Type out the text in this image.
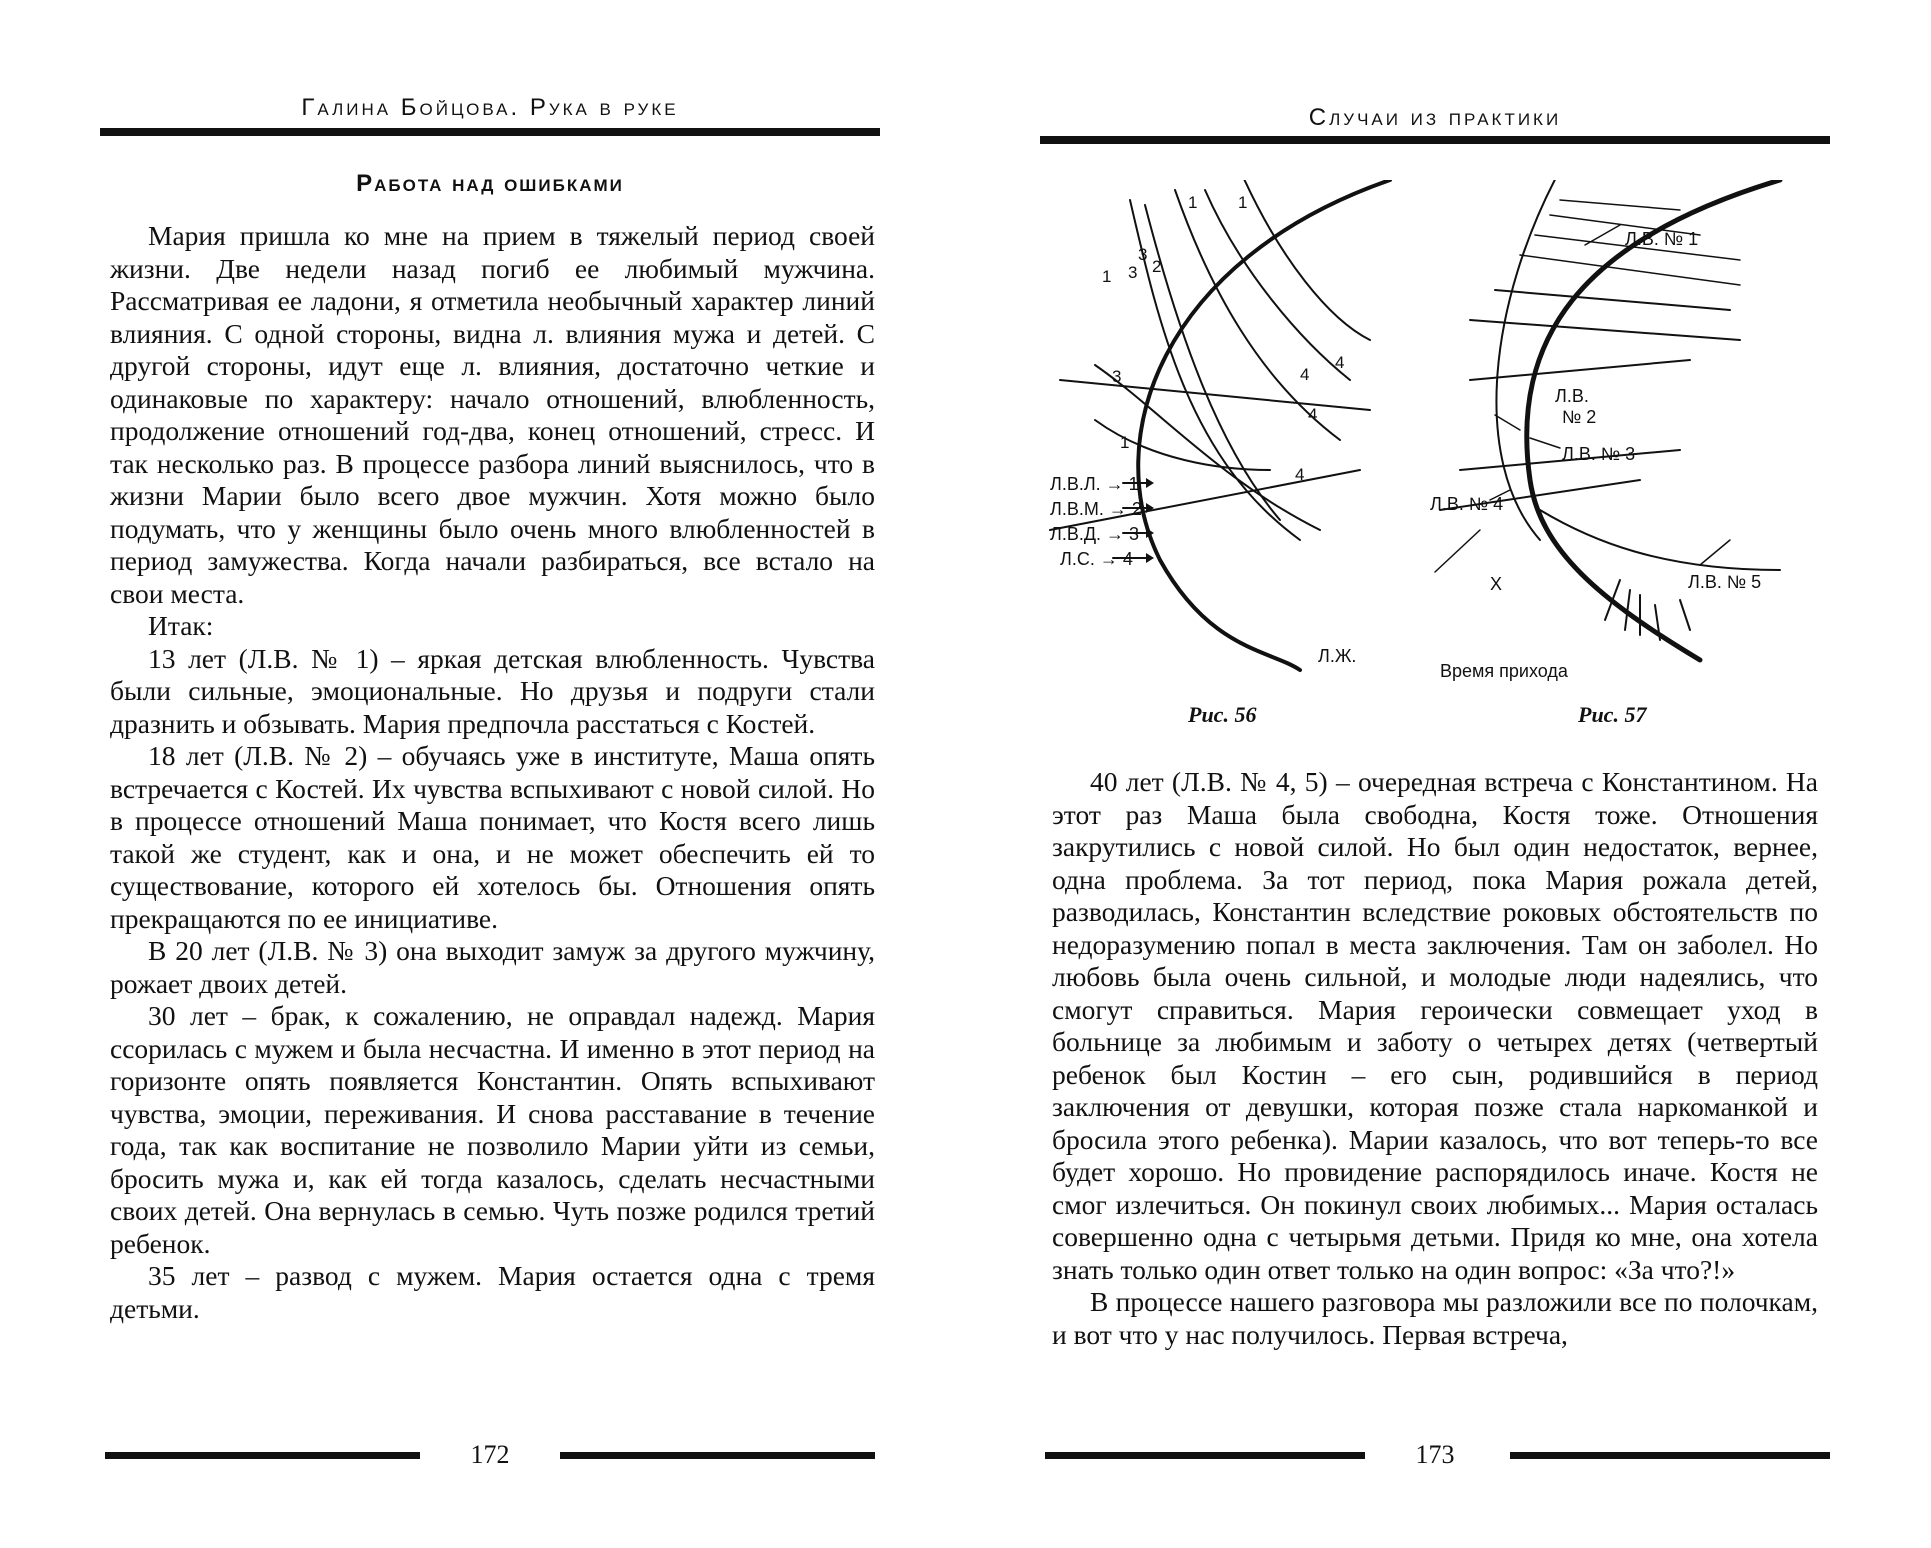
Галина Бойцова. Рука в руке
Работа над ошибками

Мария пришла ко мне на прием в тяжелый период своей жизни. Две недели назад погиб ее любимый мужчина. Рассматривая ее ладони, я отметила необычный характер линий влияния. С одной стороны, видна л. влияния мужа и детей. С другой стороны, идут еще л. влияния, достаточно четкие и одинаковые по характеру: начало отношений, влюбленность, продолжение отношений год-два, конец отношений, стресс. И так несколько раз. В процессе разбора линий выяснилось, что в жизни Марии было всего двое мужчин. Хотя можно было подумать, что у женщины было очень много влюбленностей в период замужества. Когда начали разбираться, все встало на свои места.

Итак:

13 лет (Л.В. № 1) – яркая детская влюбленность. Чувства были сильные, эмоциональные. Но друзья и подруги стали дразнить и обзывать. Мария предпочла расстаться с Костей.

18 лет (Л.В. № 2) – обучаясь уже в институте, Маша опять встречается с Костей. Их чувства вспыхивают с новой силой. Но в процессе отношений Маша понимает, что Костя всего лишь такой же студент, как и она, и не может обеспечить ей то существование, которого ей хотелось бы. Отношения опять прекращаются по ее инициативе.

В 20 лет (Л.В. № 3) она выходит замуж за другого мужчину, рожает двоих детей.

30 лет – брак, к сожалению, не оправдал надежд. Мария ссорилась с мужем и была несчастна. И именно в этот период на горизонте опять появляется Константин. Опять вспыхивают чувства, эмоции, переживания. И снова расставание в течение года, так как воспитание не позволило Марии уйти из семьи, бросить мужа и, как ей тогда казалось, сделать несчастными своих детей. Она вернулась в семью. Чуть позже родился третий ребенок.

35 лет – развод с мужем. Мария остается одна с тремя детьми.

172
Случаи из практики
1 1
1
2
3
3
3
1
4
4
4
4
Л.В.Л. → 1
Л.В.М. → 2
Л.В.Д. → 3
Л.С. → 4
Л.Ж.
Л.В. № 1
Л.В.
№ 2
Л.В. № 3
Л.В. № 4
X	Л.В. № 5
Время прихода
Рис. 56	Рис. 57

40 лет (Л.В. № 4, 5) – очередная встреча с Константином. На этот раз Маша была свободна, Костя тоже. Отношения закрутились с новой силой. Но был один недостаток, вернее, одна проблема. За тот период, пока Мария рожала детей, разводилась, Константин вследствие роковых обстоятельств по недоразумению попал в места заключения. Там он заболел. Но любовь была очень сильной, и молодые люди надеялись, что смогут справиться. Мария героически совмещает уход в больнице за любимым и заботу о четырех детях (четвертый ребенок был Костин – его сын, родившийся в период заключения от девушки, которая позже стала наркоманкой и бросила этого ребенка). Марии казалось, что вот теперь-то все будет хорошо. Но провидение распорядилось иначе. Костя не смог излечиться. Он покинул своих любимых... Мария осталась совершенно одна с четырьмя детьми. Придя ко мне, она хотела знать только один ответ только на один вопрос: «За что?!»

В процессе нашего разговора мы разложили все по полочкам, и вот что у нас получилось. Первая встреча,

173
